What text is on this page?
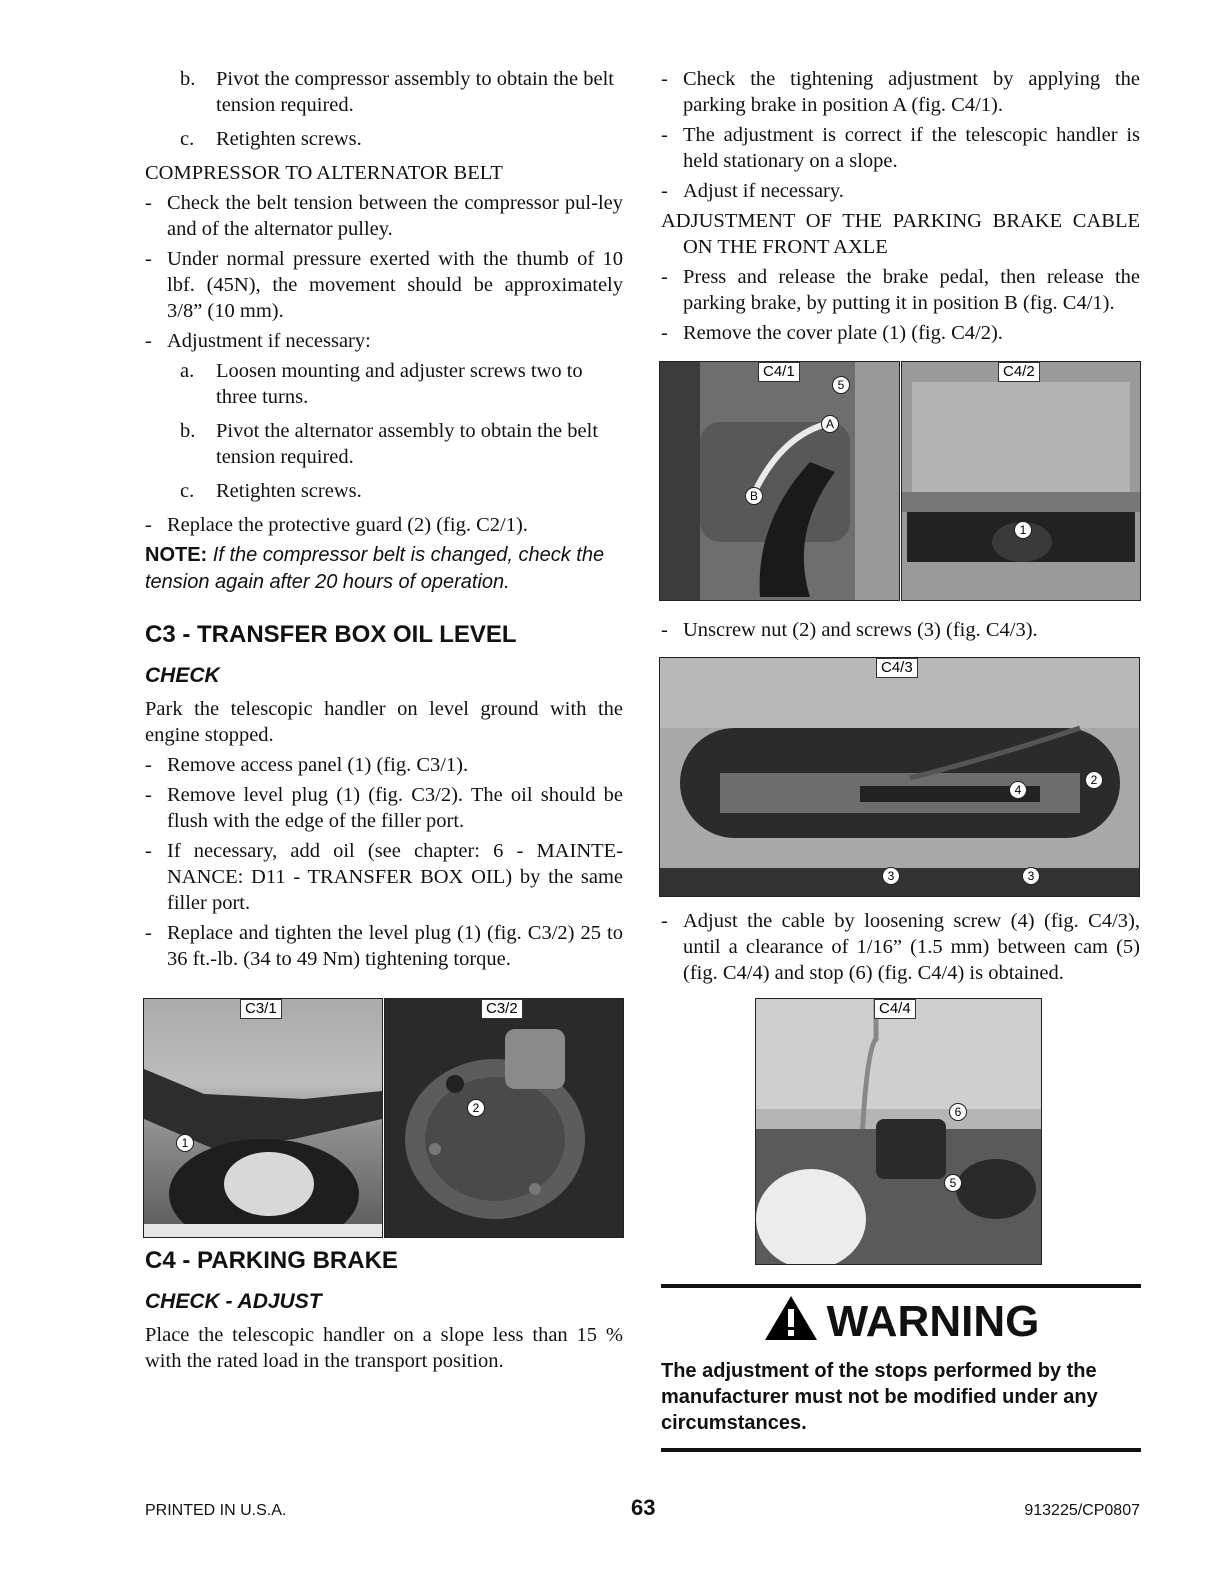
b. Pivot the compressor assembly to obtain the belt tension required.
c. Retighten screws.

COMPRESSOR TO ALTERNATOR BELT

- Check the belt tension between the compressor pul-ley and of the alternator pulley.
- Under normal pressure exerted with the thumb of 10 lbf. (45N), the movement should be approximately 3/8” (10 mm).
- Adjustment if necessary:
a. Loosen mounting and adjuster screws two to three turns.
b. Pivot the alternator assembly to obtain the belt tension required.
c. Retighten screws.
- Replace the protective guard (2) (fig. C2/1).

NOTE: If the compressor belt is changed, check the tension again after 20 hours of operation.

C3 - TRANSFER BOX OIL LEVEL
CHECK

Park the telescopic handler on level ground with the engine stopped.

- Remove access panel (1) (fig. C3/1).
- Remove level plug (1) (fig. C3/2). The oil should be flush with the edge of the filler port.
- If necessary, add oil (see chapter: 6 - MAINTE-NANCE: D11 - TRANSFER BOX OIL) by the same filler port.
- Replace and tighten the level plug (1) (fig. C3/2) 25 to 36 ft.-lb. (34 to 49 Nm) tightening torque.
C4 - PARKING BRAKE
CHECK - ADJUST

Place the telescopic handler on a slope less than 15 % with the rated load in the transport position.

C3/1
1
C3/2
2
- Check the tightening adjustment by applying the parking brake in position A (fig. C4/1).
- The adjustment is correct if the telescopic handler is held stationary on a slope.
- Adjust if necessary.

ADJUSTMENT OF THE PARKING BRAKE CABLE ON THE FRONT AXLE

- Press and release the brake pedal, then release the parking brake, by putting it in position B (fig. C4/1).
- Remove the cover plate (1) (fig. C4/2).
C4/1
5
A
B
C4/2
1
- Unscrew nut (2) and screws (3) (fig. C4/3).
C4/3
2
4
3	3
- Adjust the cable by loosening screw (4) (fig. C4/3), until a clearance of 1/16” (1.5 mm) between cam (5) (fig. C4/4) and stop (6) (fig. C4/4) is obtained.
C4/4
6
5
WARNING
The adjustment of the stops performed by the manufacturer must not be modified under any circumstances.
PRINTED IN U.S.A.	63	913225/CP0807
